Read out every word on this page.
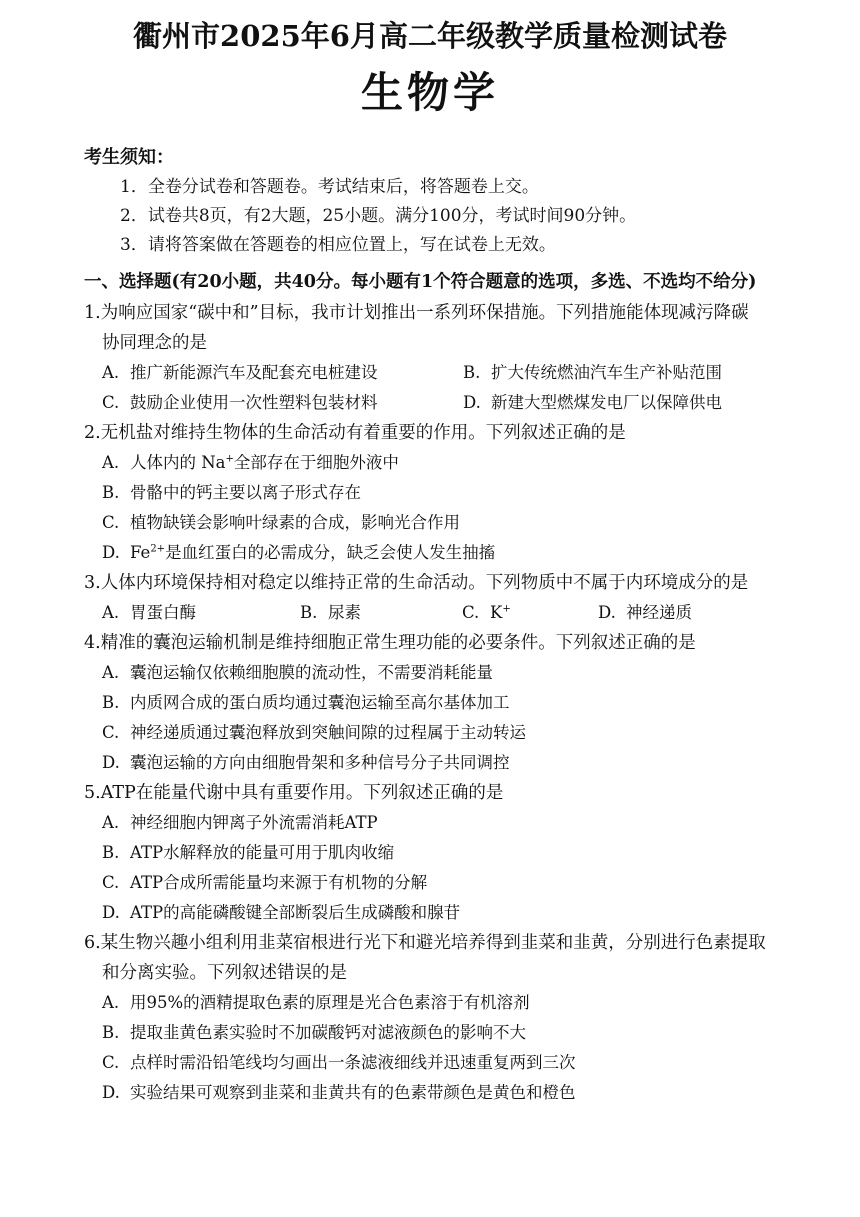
衢州市2025年6月高二年级教学质量检测试卷
生物学
考生须知：
1．全卷分试卷和答题卷。考试结束后，将答题卷上交。
2．试卷共8页，有2大题，25小题。满分100分，考试时间90分钟。
3．请将答案做在答题卷的相应位置上，写在试卷上无效。
一、选择题(有20小题，共40分。每小题有1个符合题意的选项，多选、不选均不给分)
1.为响应国家“碳中和”目标，我市计划推出一系列环保措施。下列措施能体现减污降碳
协同理念的是
A. 推广新能源汽车及配套充电桩建设	B. 扩大传统燃油汽车生产补贴范围
C. 鼓励企业使用一次性塑料包装材料	D. 新建大型燃煤发电厂以保障供电
2.无机盐对维持生物体的生命活动有着重要的作用。下列叙述正确的是
A. 人体内的 Na+全部存在于细胞外液中
B. 骨骼中的钙主要以离子形式存在
C. 植物缺镁会影响叶绿素的合成，影响光合作用
D. $Fe^{2+}$是血红蛋白的必需成分，缺乏会使人发生抽搐
3.人体内环境保持相对稳定以维持正常的生命活动。下列物质中不属于内环境成分的是
A. 胃蛋白酶	B. 尿素	C. K+	D. 神经递质
4.精准的囊泡运输机制是维持细胞正常生理功能的必要条件。下列叙述正确的是
A. 囊泡运输仅依赖细胞膜的流动性，不需要消耗能量
B. 内质网合成的蛋白质均通过囊泡运输至高尔基体加工
C. 神经递质通过囊泡释放到突触间隙的过程属于主动转运
D. 囊泡运输的方向由细胞骨架和多种信号分子共同调控
5.ATP在能量代谢中具有重要作用。下列叙述正确的是
A. 神经细胞内钾离子外流需消耗ATP
B. ATP水解释放的能量可用于肌肉收缩
C. ATP合成所需能量均来源于有机物的分解
D. ATP的高能磷酸键全部断裂后生成磷酸和腺苷
6.某生物兴趣小组利用韭菜宿根进行光下和避光培养得到韭菜和韭黄，分别进行色素提取
和分离实验。下列叙述错误的是
A. 用95%的酒精提取色素的原理是光合色素溶于有机溶剂
B. 提取韭黄色素实验时不加碳酸钙对滤液颜色的影响不大
C. 点样时需沿铅笔线均匀画出一条滤液细线并迅速重复两到三次
D. 实验结果可观察到韭菜和韭黄共有的色素带颜色是黄色和橙色
